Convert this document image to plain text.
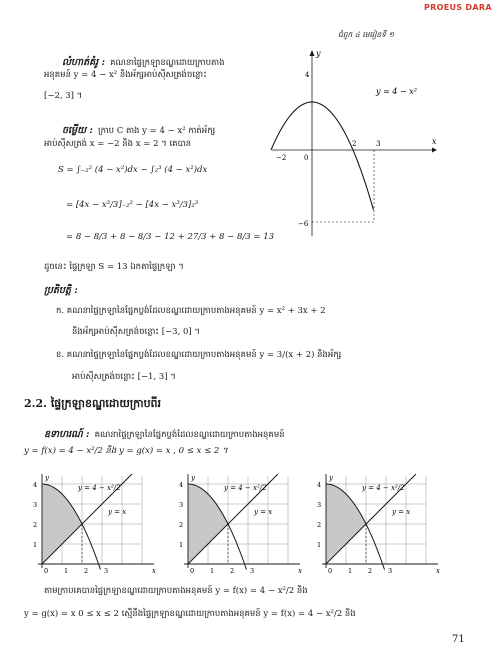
PROEUS DARA
ជំពូក ៤ មេរៀនទី ១
លំហាត់គំរូ : គណនាផ្ទៃក្រឡាខណ្ឌដោយក្រាបតាង
អនុគមន៍ y = 4 − x² និងអ័ក្សអាប់ស៊ីសត្រង់ចន្លោះ
[−2, 3] ។
ចម្លើយ : ក្រាប C តាង y = 4 − x² កាត់អ័ក្ស
អាប់ស៊ីសត្រង់ x = −2 និង x = 2 ។ គេបាន
S = ∫₋₂² (4 − x²)dx − ∫₂³ (4 − x²)dx
= [4x − x³/3]₋₂² − [4x − x³/3]₂³
= 8 − 8/3 + 8 − 8/3 − 12 + 27/3 + 8 − 8/3 = 13
ដូចនេះ ផ្ទៃក្រឡា S = 13 ឯកតាផ្ទៃក្រឡា ។
ប្រតិបត្តិ :
ក. គណនាផ្ទៃក្រឡានៃផ្នែកប្លង់ដែលខណ្ឌដោយក្រាបតាងអនុគមន៍ y = x² + 3x + 2
និងអ័ក្សអាប់ស៊ីសត្រង់ចន្លោះ [−3, 0] ។
ខ. គណនាផ្ទៃក្រឡានៃផ្នែកប្លង់ដែលខណ្ឌដោយក្រាបតាងអនុគមន៍ y = 3/(x + 2) និងអ័ក្ស
អាប់ស៊ីសត្រង់ចន្លោះ [−1, 3] ។
2.2. ផ្ទៃក្រឡាខណ្ឌដោយក្រាបពីរ
ឧទាហរណ៍ : គណនាផ្ទៃក្រឡានៃផ្នែកប្លង់ដែលខណ្ឌដោយក្រាបតាងអនុគមន៍
y = f(x) = 4 − x²/2 និង y = g(x) = x , 0 ≤ x ≤ 2 ។
y = 4 − x²
x
y
−2	0
2	3
4
−6
y = 4 − x²/2
y = x
x
y
0 1 2 3
1
2
3
4	y = 4 − x²/2
y = x
x
y
0 1 2 3
1
2
3
4	y = 4 − x²/2
y = x
x
y
0 1 2 3
1
2
3
4
តាមក្រាបគេបានផ្ទៃក្រឡាខណ្ឌដោយក្រាបតាងអនុគមន៍ y = f(x) = 4 − x²/2 និង
y = g(x) = x 0 ≤ x ≤ 2 ស្មើនឹងផ្ទៃក្រឡាខណ្ឌដោយក្រាបតាងអនុគមន៍ y = f(x) = 4 − x²/2 និង
71
